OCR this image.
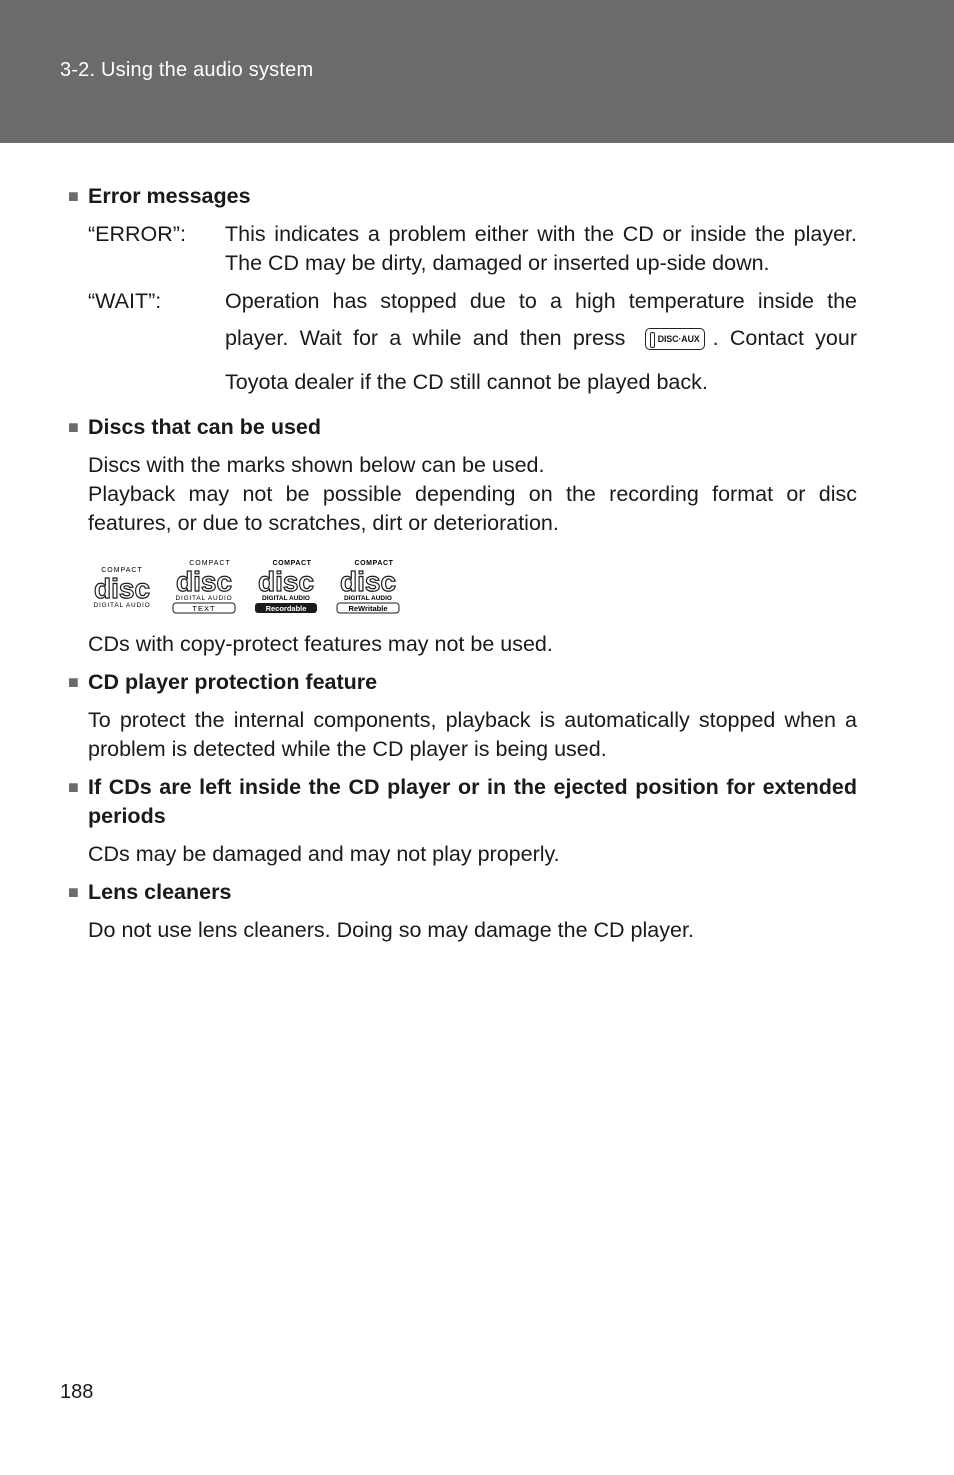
3-2. Using the audio system
■ Error messages
“ERROR”:	This indicates a problem either with the CD or inside the player. The CD may be dirty, damaged or inserted up-side down.
“WAIT”:	Operation has stopped due to a high temperature inside the player. Wait for a while and then press	DISC·AUX . Contact your Toyota dealer if the CD still cannot be played back.
■ Discs that can be used

Discs with the marks shown below can be used.

Playback may not be possible depending on the recording format or disc features, or due to scratches, dirt or deterioration.

COMPACT
disc
DIGITAL AUDIO
COMPACT
disc
DIGITAL AUDIO
TEXT
COMPACT
disc
DIGITAL AUDIO
Recordable
COMPACT
disc
DIGITAL AUDIO
ReWritable
CDs with copy-protect features may not be used.
■ CD player protection feature
To protect the internal components, playback is automatically stopped when a problem is detected while the CD player is being used.
■ If CDs are left inside the CD player or in the ejected position for extended periods
CDs may be damaged and may not play properly.
■ Lens cleaners
Do not use lens cleaners. Doing so may damage the CD player.
188
